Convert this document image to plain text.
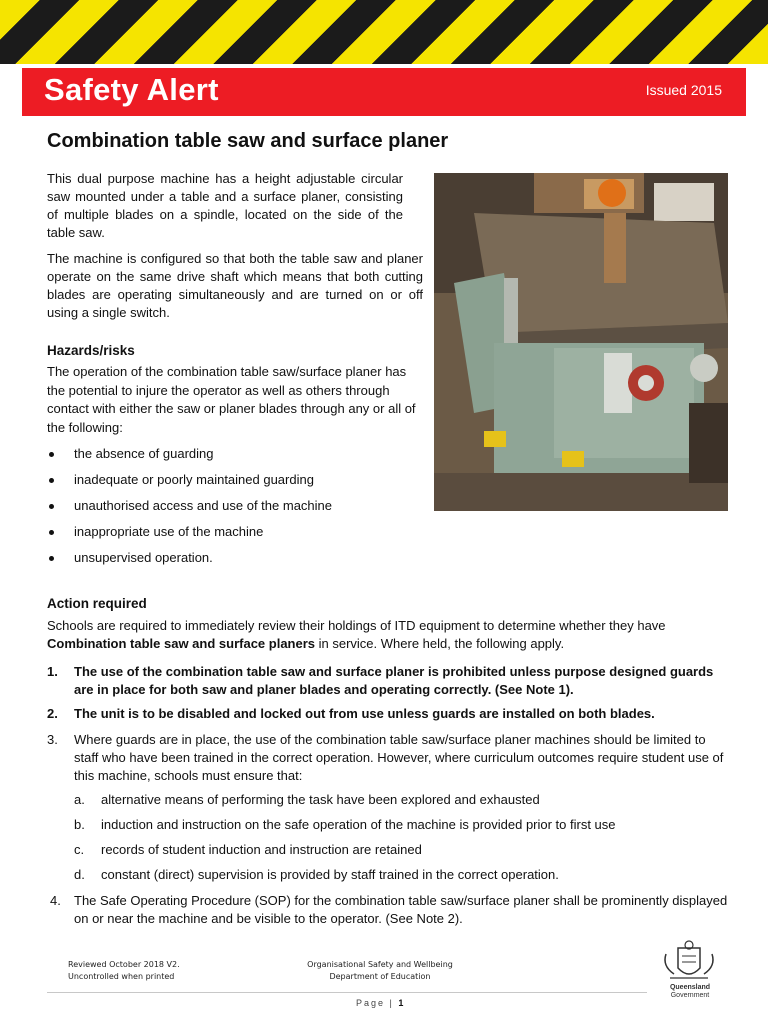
Safety Alert	Issued 2015
Combination table saw and surface planer

This dual purpose machine has a height adjustable circular saw mounted under a table and a surface planer, consisting of multiple blades on a spindle, located on the side of the table saw.

The machine is configured so that both the table saw and planer operate on the same drive shaft which means that both cutting blades are operating simultaneously and are turned on or off using a single switch.

Hazards/risks

The operation of the combination table saw/surface planer has the potential to injure the operator as well as others through contact with either the saw or planer blades through any or all of the following:

the absence of guarding
inadequate or poorly maintained guarding
unauthorised access and use of the machine
inappropriate use of the machine
unsupervised operation.
Action required

Schools are required to immediately review their holdings of ITD equipment to determine whether they have Combination table saw and surface planers in service. Where held, the following apply.

1. The use of the combination table saw and surface planer is prohibited unless purpose designed guards are in place for both saw and planer blades and operating correctly. (See Note 1).
2. The unit is to be disabled and locked out from use unless guards are installed on both blades.
3. Where guards are in place, the use of the combination table saw/surface planer machines should be limited to staff who have been trained in the correct operation. However, where curriculum outcomes require student use of this machine, schools must ensure that:
a. alternative means of performing the task have been explored and exhausted
b. induction and instruction on the safe operation of the machine is provided prior to first use
c. records of student induction and instruction are retained
d. constant (direct) supervision is provided by staff trained in the correct operation.
4. The Safe Operating Procedure (SOP) for the combination table saw/surface planer shall be prominently displayed on or near the machine and be visible to the operator. (See Note 2).
Reviewed October 2018 V2.
Uncontrolled when printed
Organisational Safety and Wellbeing
Department of Education
Page | 1
Queensland
Government
